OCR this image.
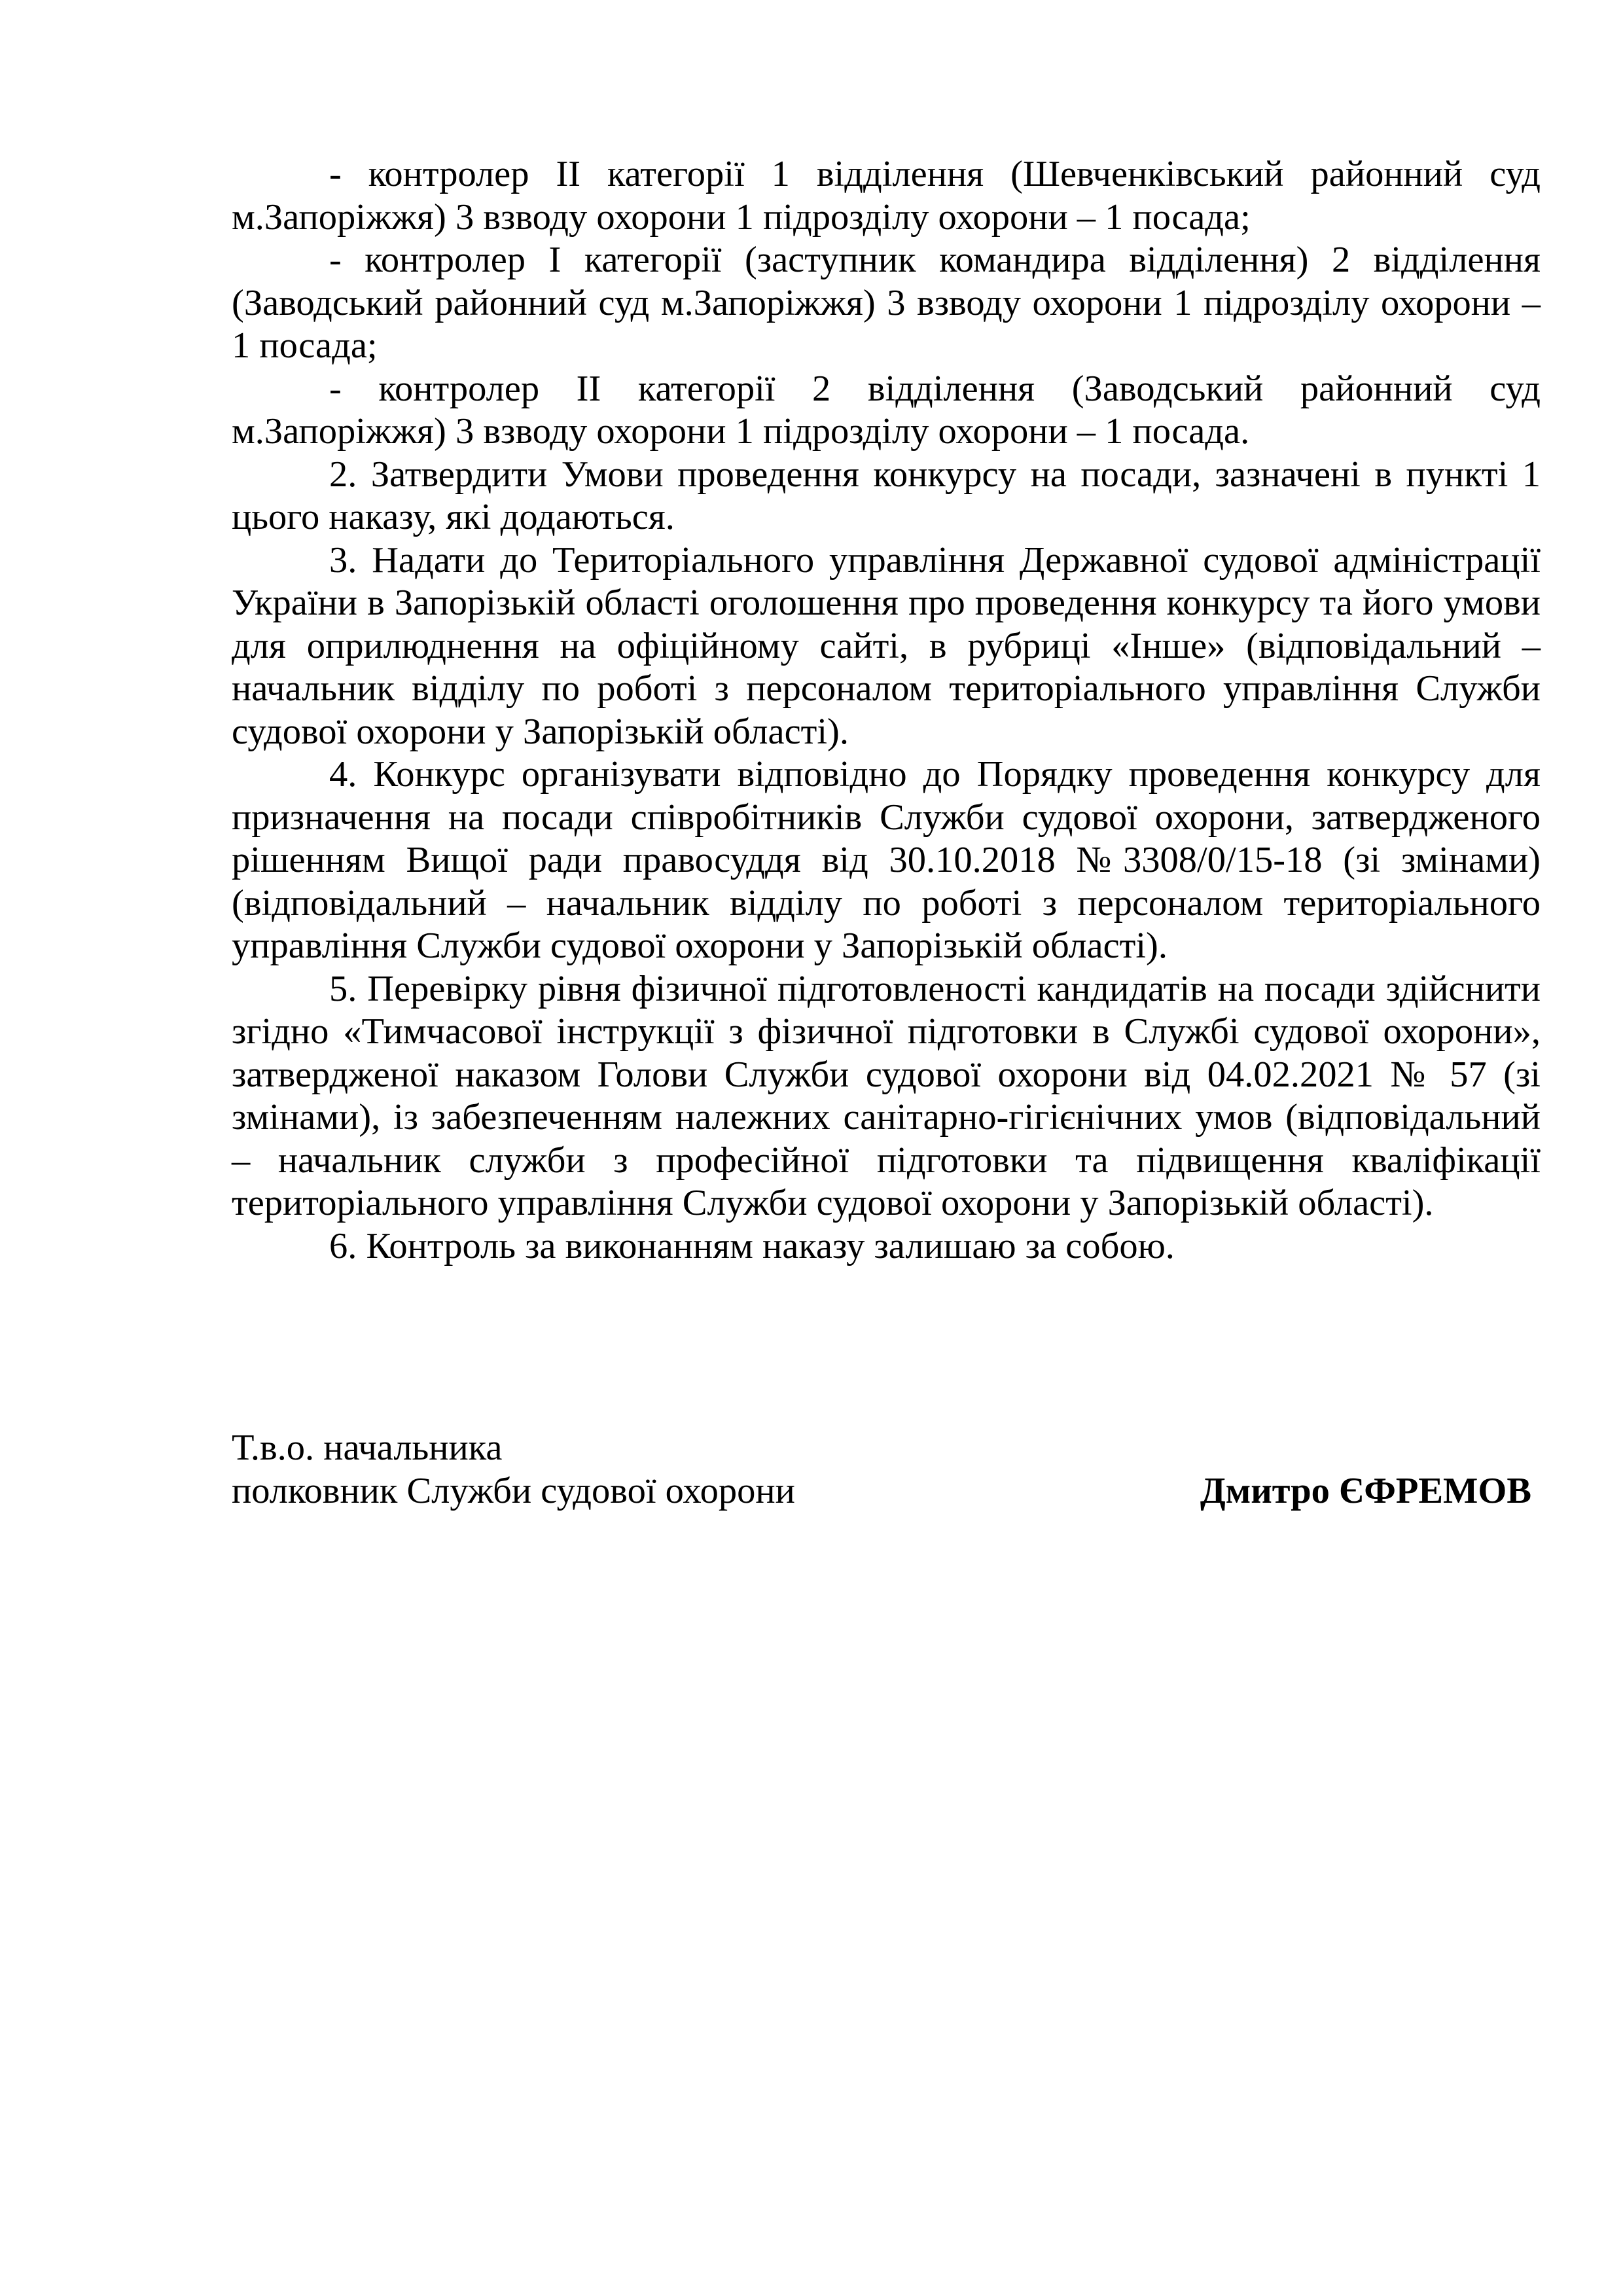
- контролер ІІ категорії 1 відділення (Шевченківський районний суд м.Запоріжжя) 3 взводу охорони 1 підрозділу охорони – 1 посада;

- контролер І категорії (заступник командира відділення) 2 відділення (Заводський районний суд м.Запоріжжя) 3 взводу охорони 1 підрозділу охорони – 1 посада;

- контролер ІІ категорії 2 відділення (Заводський районний суд м.Запоріжжя) 3 взводу охорони 1 підрозділу охорони – 1 посада.

2. Затвердити Умови проведення конкурсу на посади, зазначені в пункті 1 цього наказу, які додаються.

3. Надати до Територіального управління Державної судової адміністрації України в Запорізькій області оголошення про проведення конкурсу та його умови для оприлюднення на офіційному сайті, в рубриці «Інше» (відповідальний – начальник відділу по роботі з персоналом територіального управління Служби судової охорони у Запорізькій області).

4. Конкурс організувати відповідно до Порядку проведення конкурсу для призначення на посади співробітників Служби судової охорони, затвердженого рішенням Вищої ради правосуддя від 30.10.2018 №3308/0/15-18 (зі змінами) (відповідальний – начальник відділу по роботі з персоналом територіального управління Служби судової охорони у Запорізькій області).

5. Перевірку рівня фізичної підготовленості кандидатів на посади здійснити згідно «Тимчасової інструкції з фізичної підготовки в Службі судової охорони», затвердженої наказом Голови Служби судової охорони від 04.02.2021 № 57 (зі змінами), із забезпеченням належних санітарно-гігієнічних умов (відповідальний – начальник служби з професійної підготовки та підвищення кваліфікації територіального управління Служби судової охорони у Запорізькій області).

6. Контроль за виконанням наказу залишаю за собою.

Т.в.о. начальника

полковник Служби судової охорони	Дмитро ЄФРЕМОВ
